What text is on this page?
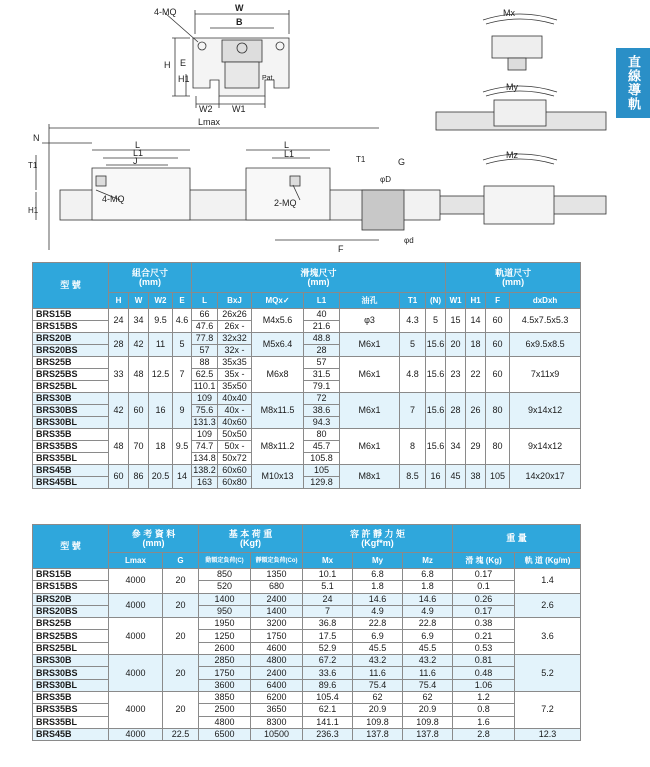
4-MQ	W
B
H
H1
E
W2 W1
Pat.
Mx
My
Mz
Lmax
L
L1
J
4-MQ
L
L1
2-MQ
N
T1
H1
G
φD
φd
F
T1
直線導軌
型 號	組合尺寸
(mm)				滑塊尺寸
(mm)							軌道尺寸
(mm)			
	H	W	W2	E	L	BxJ	MQx✓	L1	油孔	T1	(N)	W1	H1	F	dxDxh
BRS15B	24	34	9.5	4.6	66	26x26	M4x5.6	40	φ3	4.3	5	15	14	60	4.5x7.5x5.3
BRS15BS					47.6	26x -		21.6							
BRS20B	28	42	11	5	77.8	32x32	M5x6.4	48.8	M6x1	5	15.6	20	18	60	6x9.5x8.5
BRS20BS					57	32x -		28							
BRS25B	33	48	12.5	7	88	35x35	M6x8	57	M6x1	4.8	15.6	23	22	60	7x11x9
BRS25BS					62.5	35x -		31.5							
BRS25BL					110.1	35x50		79.1							
BRS30B	42	60	16	9	109	40x40	M8x11.5	72	M6x1	7	15.6	28	26	80	9x14x12
BRS30BS					75.6	40x -		38.6							
BRS30BL					131.3	40x60		94.3							
BRS35B	48	70	18	9.5	109	50x50	M8x11.2	80	M6x1	8	15.6	34	29	80	9x14x12
BRS35BS					74.7	50x -		45.7							
BRS35BL					134.8	50x72		105.8							
BRS45B	60	86	20.5	14	138.2	60x60	M10x13	105	M8x1	8.5	16	45	38	105	14x20x17
BRS45BL					163	60x80		129.8							
型 號	參 考 資 料
(mm)		基 本 荷 重
(Kgf)		容 許 靜 力 矩
(Kgf*m)			重 量	
	Lmax	G	動額定負荷(C)	靜額定負荷(Co)	Mx	My	Mz	滑 塊 (Kg)	軌 道 (Kg/m)
BRS15B	4000	20	850	1350	10.1	6.8	6.8	0.17	1.4
BRS15BS			520	680	5.1	1.8	1.8	0.1	
BRS20B	4000	20	1400	2400	24	14.6	14.6	0.26	2.6
BRS20BS			950	1400	7	4.9	4.9	0.17	
BRS25B	4000	20	1950	3200	36.8	22.8	22.8	0.38	3.6
BRS25BS			1250	1750	17.5	6.9	6.9	0.21	
BRS25BL			2600	4600	52.9	45.5	45.5	0.53	
BRS30B	4000	20	2850	4800	67.2	43.2	43.2	0.81	5.2
BRS30BS			1750	2400	33.6	11.6	11.6	0.48	
BRS30BL			3600	6400	89.6	75.4	75.4	1.06	
BRS35B	4000	20	3850	6200	105.4	62	62	1.2	7.2
BRS35BS			2500	3650	62.1	20.9	20.9	0.8	
BRS35BL			4800	8300	141.1	109.8	109.8	1.6	
BRS45B	4000	22.5	6500	10500	236.3	137.8	137.8	2.8	12.3
